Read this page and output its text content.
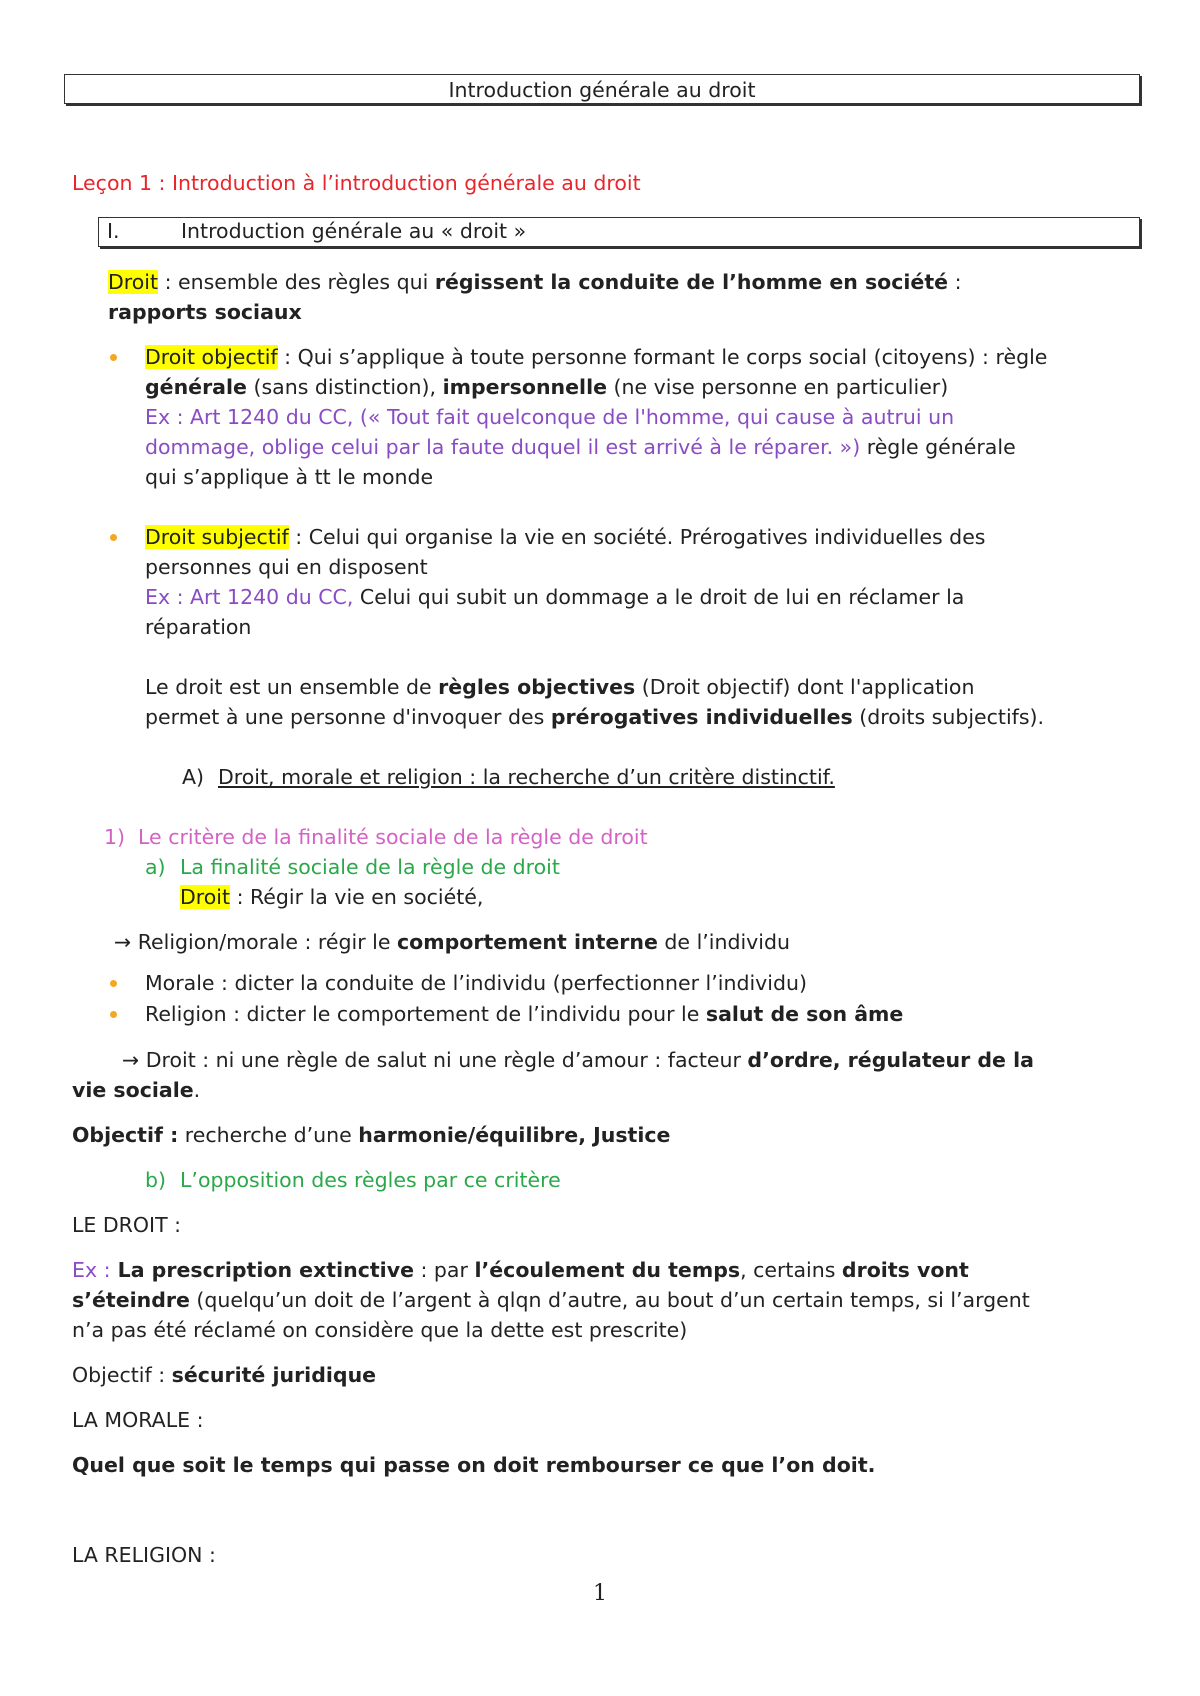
Introduction générale au droit
Leçon 1 : Introduction à l’introduction générale au droit
I.	Introduction générale au « droit »
Droit : ensemble des règles qui régissent la conduite de l’homme en société :
rapports sociaux
Droit objectif : Qui s’applique à toute personne formant le corps social (citoyens) : règle
générale (sans distinction), impersonnelle (ne vise personne en particulier)
Ex : Art 1240 du CC, (« Tout fait quelconque de l'homme, qui cause à autrui un
dommage, oblige celui par la faute duquel il est arrivé à le réparer. ») règle générale
qui s’applique à tt le monde
Droit subjectif : Celui qui organise la vie en société. Prérogatives individuelles des
personnes qui en disposent
Ex : Art 1240 du CC, Celui qui subit un dommage a le droit de lui en réclamer la
réparation
Le droit est un ensemble de règles objectives (Droit objectif) dont l'application
permet à une personne d'invoquer des prérogatives individuelles (droits subjectifs).
A) Droit, morale et religion : la recherche d’un critère distinctif.
1) Le critère de la finalité sociale de la règle de droit
a) La finalité sociale de la règle de droit
Droit : Régir la vie en société,
→ Religion/morale : régir le comportement interne de l’individu
Morale : dicter la conduite de l’individu (perfectionner l’individu)
Religion : dicter le comportement de l’individu pour le salut de son âme
→ Droit : ni une règle de salut ni une règle d’amour : facteur d’ordre, régulateur de la
vie sociale.
Objectif : recherche d’une harmonie/équilibre, Justice
b) L’opposition des règles par ce critère
LE DROIT :
Ex : La prescription extinctive : par l’écoulement du temps, certains droits vont
s’éteindre (quelqu’un doit de l’argent à qlqn d’autre, au bout d’un certain temps, si l’argent
n’a pas été réclamé on considère que la dette est prescrite)
Objectif : sécurité juridique
LA MORALE :
Quel que soit le temps qui passe on doit rembourser ce que l’on doit.
LA RELIGION :
1
